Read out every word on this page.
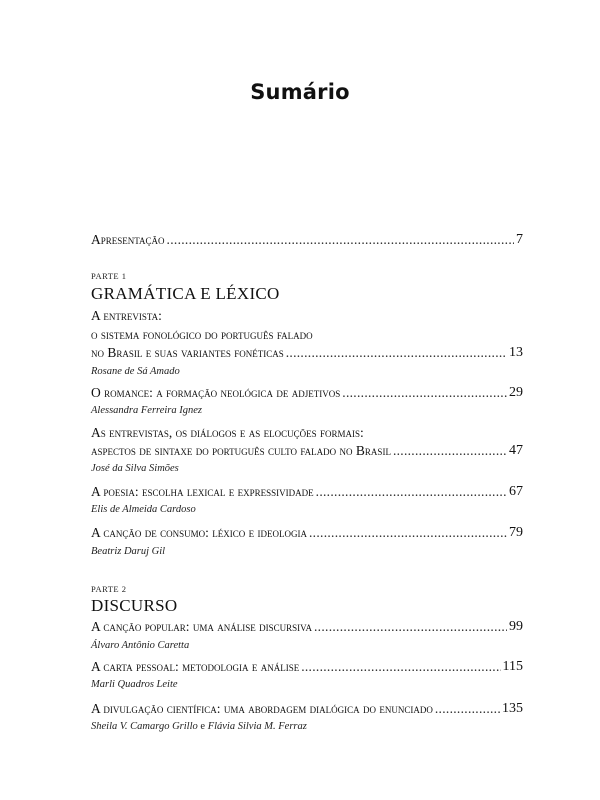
Sumário
Apresentação .....	7
PARTE 1
GRAMÁTICA E LÉXICO
A entrevista:
o sistema fonológico do português falado
no Brasil e suas variantes fonéticas .....	13
Rosane de Sá Amado
O romance: a formação neológica de adjetivos .....	29
Alessandra Ferreira Ignez
As entrevistas, os diálogos e as elocuções formais:
aspectos de sintaxe do português culto falado no Brasil .....	47
José da Silva Simões
A poesia: escolha lexical e expressividade .....	67
Elis de Almeida Cardoso
A canção de consumo: léxico e ideologia .....	79
Beatriz Daruj Gil
PARTE 2
DISCURSO
A canção popular: uma análise discursiva .....	99
Álvaro Antônio Caretta
A carta pessoal: metodologia e análise .....	115
Marli Quadros Leite
A divulgação científica: uma abordagem dialógica do enunciado .....	135
Sheila V. Camargo Grillo e Flávia Silvia M. Ferraz
